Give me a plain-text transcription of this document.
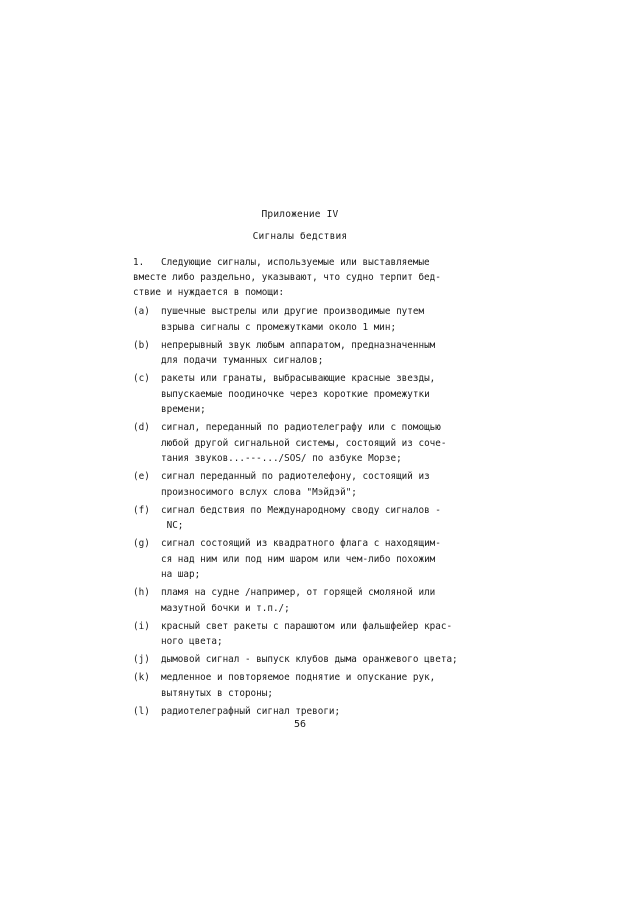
Приложение IV
Сигналы бедствия
1.   Следующие сигналы, используемые или выставляемые
вместе либо раздельно, указывают, что судно терпит бед-
ствие и нуждается в помощи:
(a)	пушечные выстрелы или другие производимые путем
взрыва сигналы с промежутками около 1 мин;
(b)	непрерывный звук любым аппаратом, предназначенным
для подачи туманных сигналов;
(c)	ракеты или гранаты, выбрасывающие красные звезды,
выпускаемые поодиночке через короткие промежутки
времени;
(d)	сигнал, переданный по радиотелеграфу или с помощью
любой другой сигнальной системы, состоящий из соче-
тания звуков...---.../SOS/ по азбуке Морзе;
(e)	сигнал переданный по радиотелефону, состоящий из
произносимого вслух слова "Мэйдэй";
(f)	сигнал бедствия по Международному своду сигналов -
NC;
(g)	сигнал состоящий из квадратного флага с находящим-
ся над ним или под ним шаром или чем-либо похожим
на шар;
(h)	пламя на судне /например, от горящей смоляной или
мазутной бочки и т.п./;
(i)	красный свет ракеты с парашютом или фальшфейер крас-
ного цвета;
(j)	дымовой сигнал - выпуск клубов дыма оранжевого цвета;
(k)	медленное и повторяемое поднятие и опускание рук,
вытянутых в стороны;
(l)	радиотелеграфный сигнал тревоги;
56
